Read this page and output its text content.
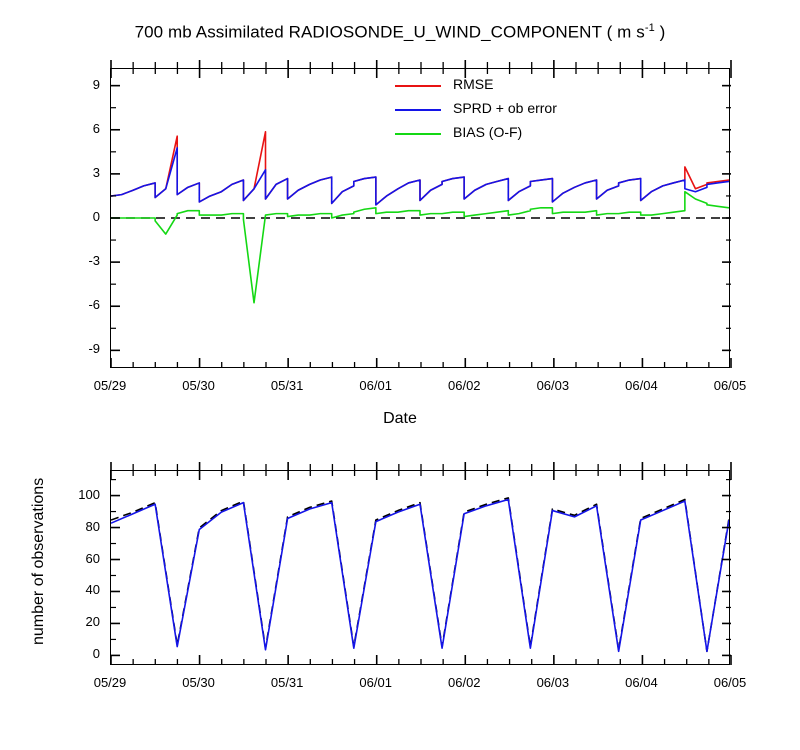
700 mb Assimilated RADIOSONDE_U_WIND_COMPONENT ( m $s^{-1}$ )
9
6
3
0
-3
-6
-9
05/29	05/30	05/31	06/01	06/02	06/03	06/04	06/05
Date
RMSE
SPRD + ob error
BIAS (O-F)
100
80
60
40
20
0
05/29	05/30	05/31	06/01	06/02	06/03	06/04	06/05
number of observations
